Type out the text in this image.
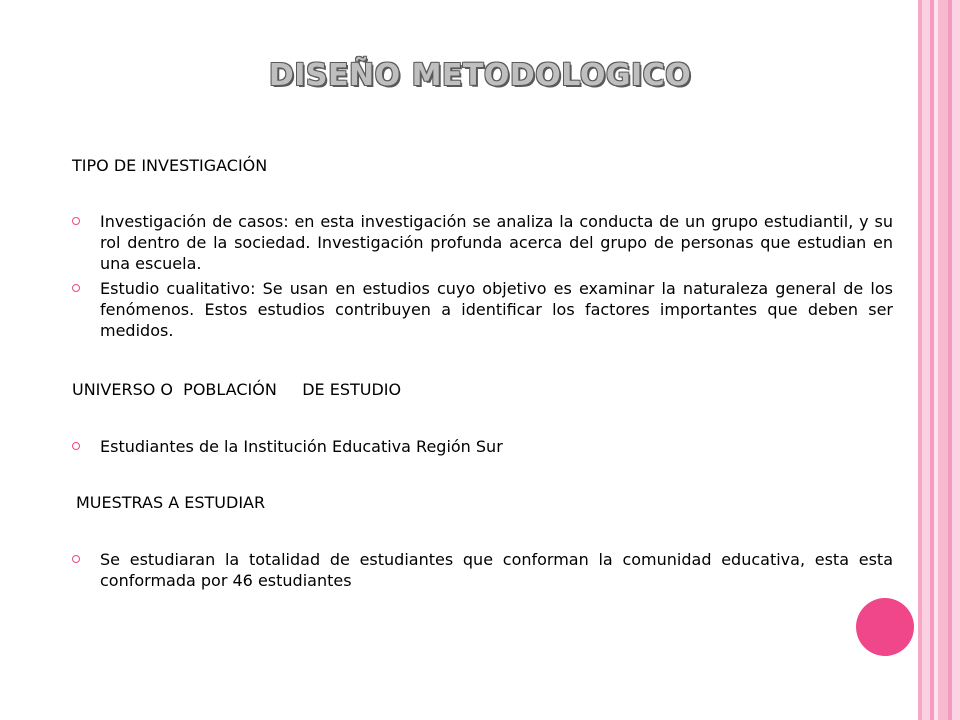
DISEÑO METODOLOGICO
TIPO DE INVESTIGACIÓN
Investigación de casos: en esta investigación se analiza la conducta de un grupo estudiantil, y su rol dentro de la sociedad. Investigación profunda acerca del grupo de personas que estudian en una escuela.
Estudio cualitativo: Se usan en estudios cuyo objetivo es examinar la naturaleza general de los fenómenos. Estos estudios contribuyen a identificar los factores importantes que deben ser medidos.
UNIVERSO O  POBLACIÓN     DE ESTUDIO
Estudiantes de la Institución Educativa Región Sur
MUESTRAS A ESTUDIAR
Se estudiaran la totalidad de estudiantes que conforman la comunidad educativa, esta esta conformada por 46 estudiantes
